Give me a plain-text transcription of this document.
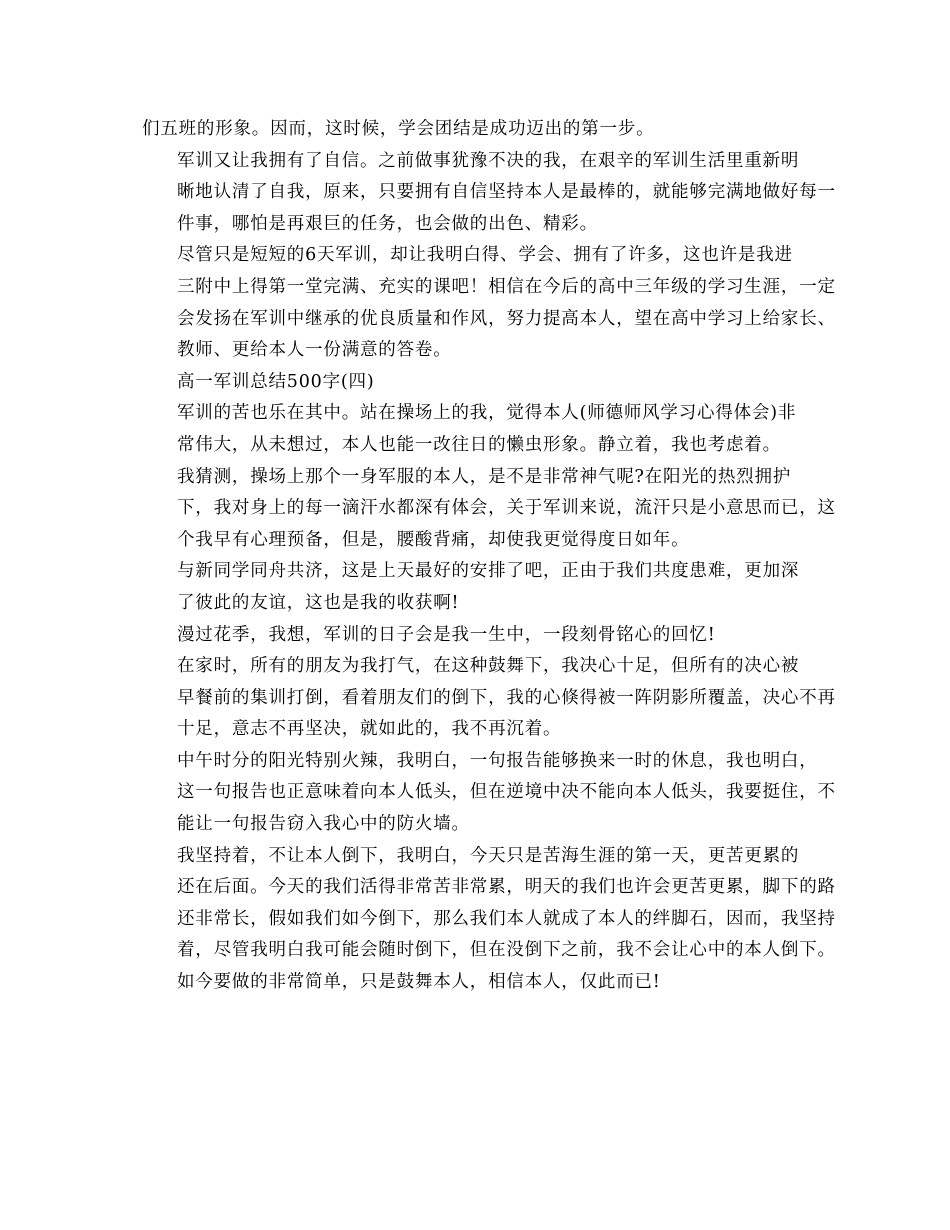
们五班的形象。因而，这时候，学会团结是成功迈出的第一步。

军训又让我拥有了自信。之前做事犹豫不决的我，在艰辛的军训生活里重新明
晰地认清了自我，原来，只要拥有自信坚持本人是最棒的，就能够完满地做好每一
件事，哪怕是再艰巨的任务，也会做的出色、精彩。

尽管只是短短的6天军训，却让我明白得、学会、拥有了许多，这也许是我进
三附中上得第一堂完满、充实的课吧！相信在今后的高中三年级的学习生涯，一定
会发扬在军训中继承的优良质量和作风，努力提高本人，望在高中学习上给家长、
教师、更给本人一份满意的答卷。

高一军训总结500字(四)

军训的苦也乐在其中。站在操场上的我，觉得本人(师德师风学习心得体会)非
常伟大，从未想过，本人也能一改往日的懒虫形象。静立着，我也考虑着。

我猜测，操场上那个一身军服的本人，是不是非常神气呢?在阳光的热烈拥护
下，我对身上的每一滴汗水都深有体会，关于军训来说，流汗只是小意思而已，这
个我早有心理预备，但是，腰酸背痛，却使我更觉得度日如年。

与新同学同舟共济，这是上天最好的安排了吧，正由于我们共度患难，更加深
了彼此的友谊，这也是我的收获啊!

漫过花季，我想，军训的日子会是我一生中，一段刻骨铭心的回忆!

在家时，所有的朋友为我打气，在这种鼓舞下，我决心十足，但所有的决心被
早餐前的集训打倒，看着朋友们的倒下，我的心倏得被一阵阴影所覆盖，决心不再
十足，意志不再坚决，就如此的，我不再沉着。

中午时分的阳光特别火辣，我明白，一句报告能够换来一时的休息，我也明白，
这一句报告也正意味着向本人低头，但在逆境中决不能向本人低头，我要挺住，不
能让一句报告窃入我心中的防火墙。

我坚持着，不让本人倒下，我明白，今天只是苦海生涯的第一天，更苦更累的
还在后面。今天的我们活得非常苦非常累，明天的我们也许会更苦更累，脚下的路
还非常长，假如我们如今倒下，那么我们本人就成了本人的绊脚石，因而，我坚持
着，尽管我明白我可能会随时倒下，但在没倒下之前，我不会让心中的本人倒下。
如今要做的非常简单，只是鼓舞本人，相信本人，仅此而已!
